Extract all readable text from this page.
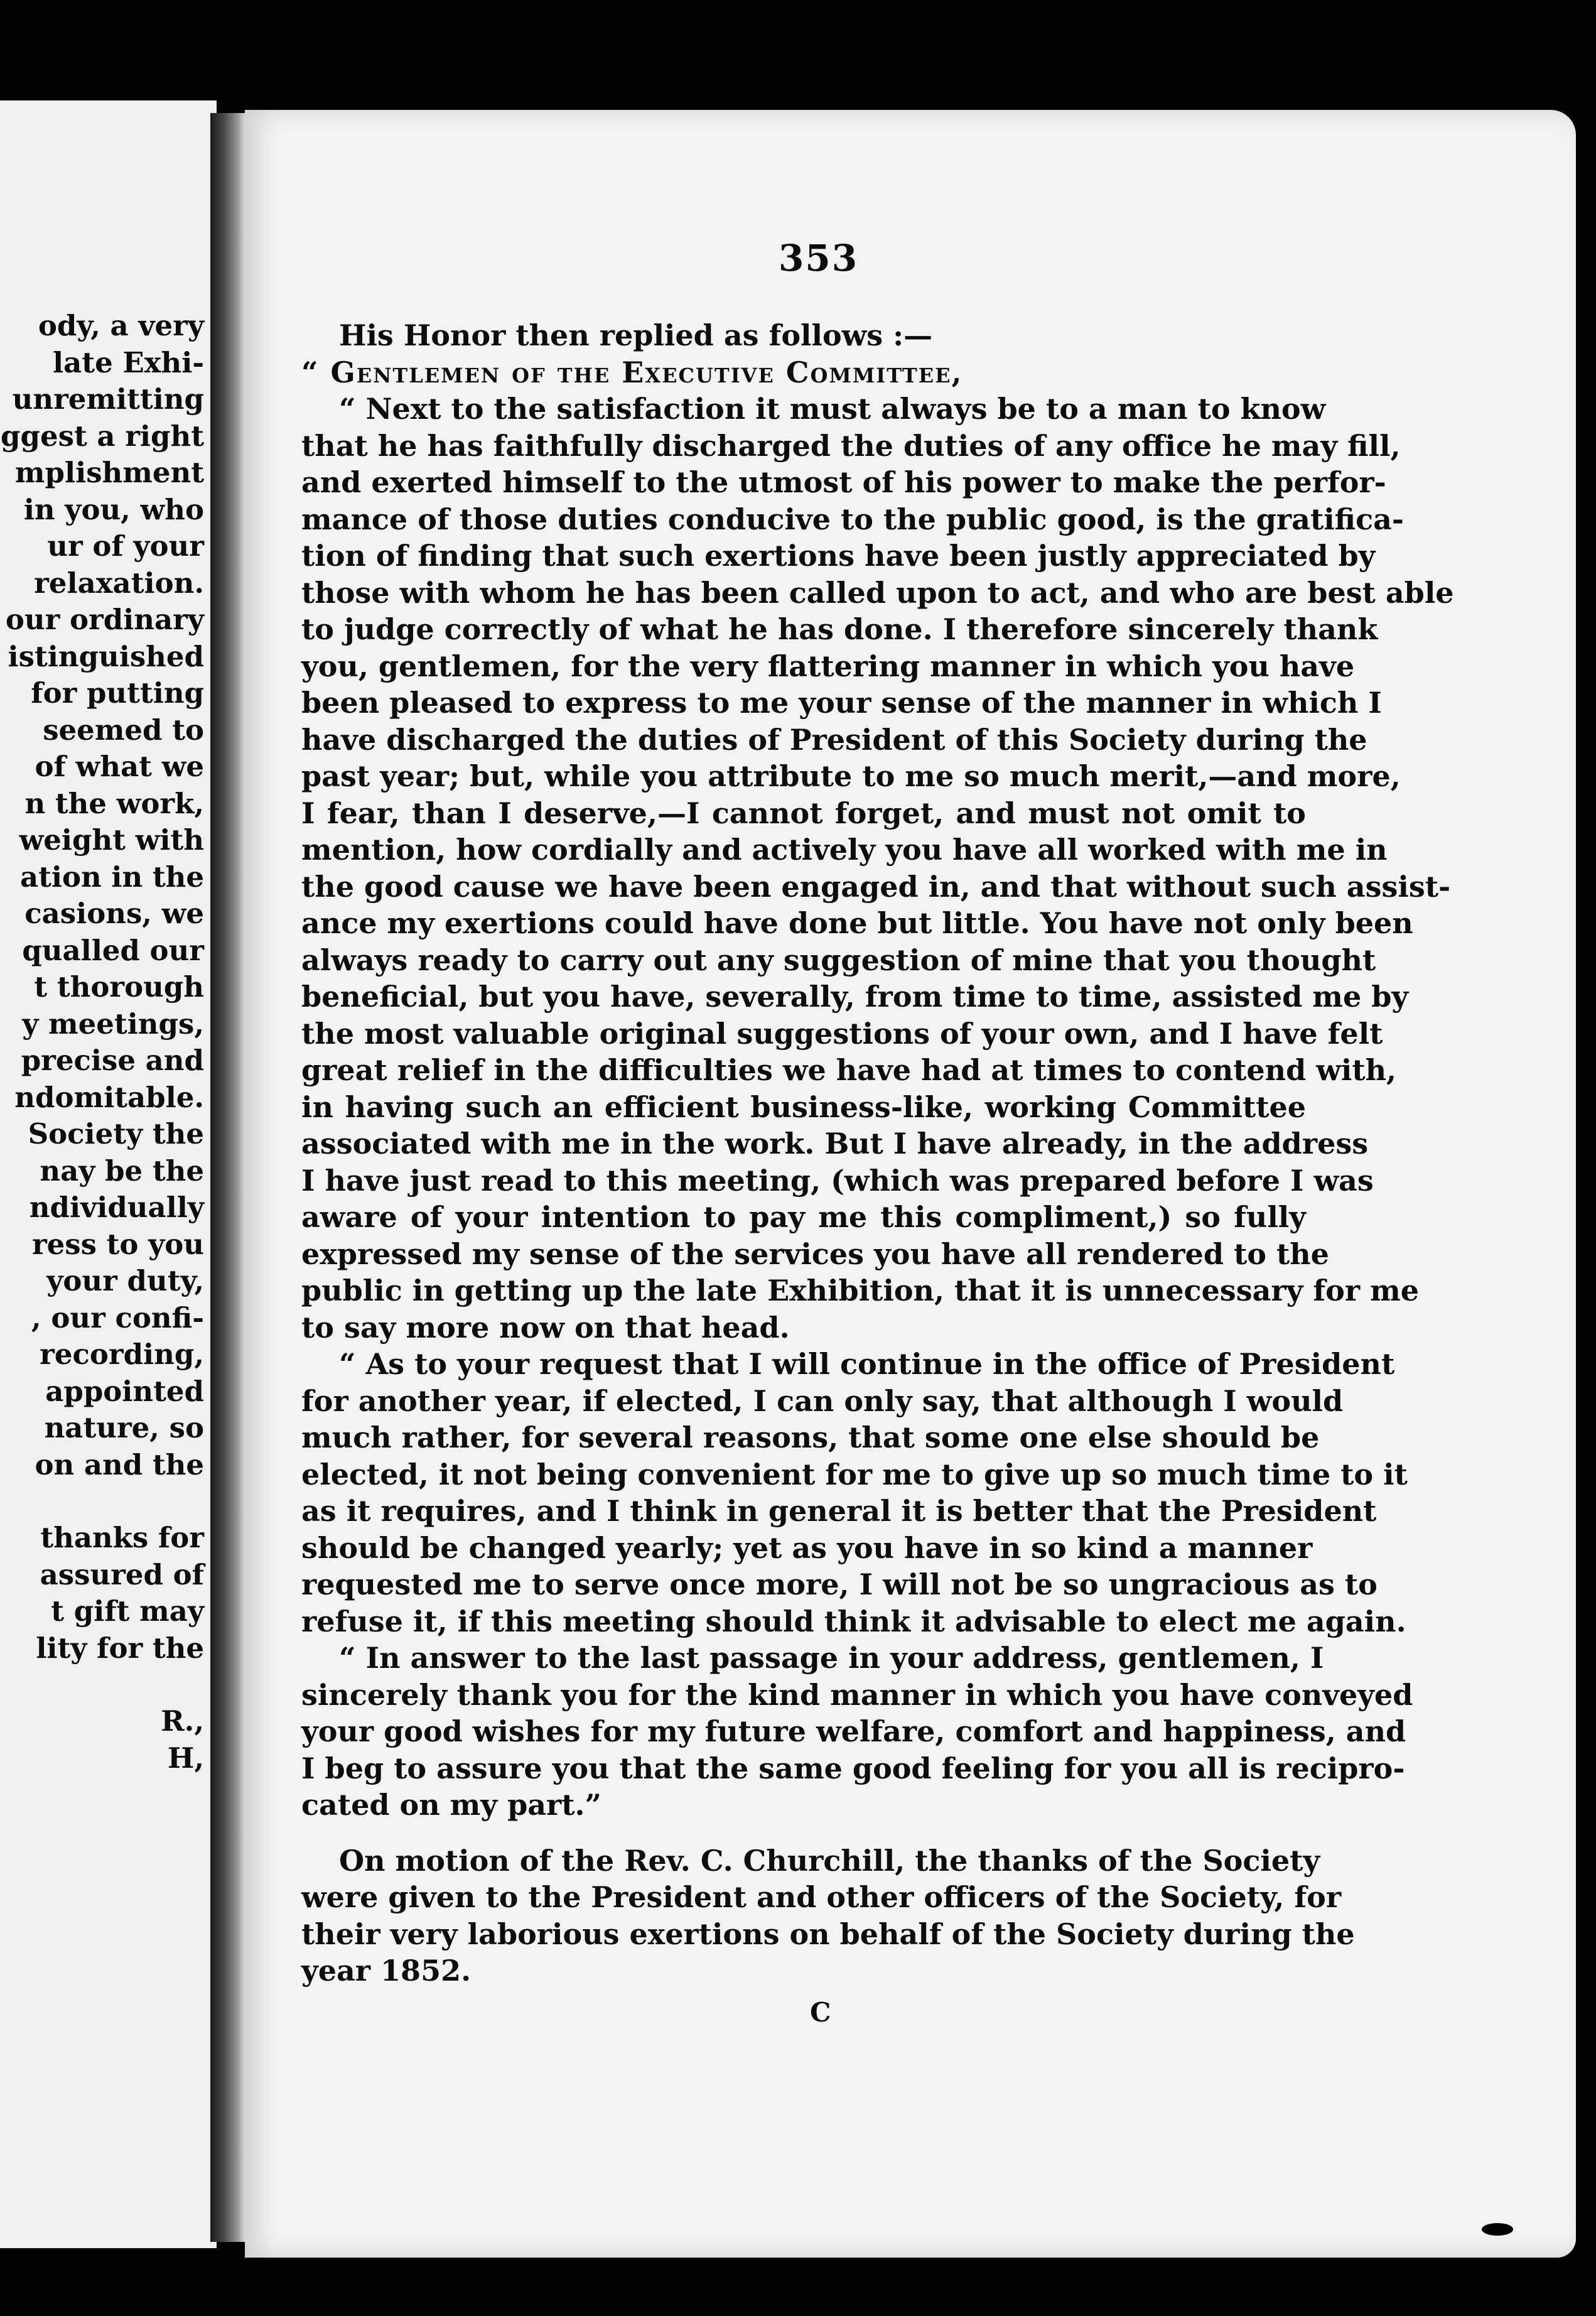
ody, a very
late Exhi-
unremitting
ggest a right
mplishment
in you, who
ur of your
relaxation.
our ordinary
istinguished
for putting
seemed to
of what we
n the work,
weight with
ation in the
casions, we
qualled our
t thorough
y meetings,
precise and
ndomitable.
Society the
nay be the
ndividually
ress to you
your duty,
, our confi-
recording,
appointed
nature, so
on and the
thanks for
assured of
t gift may
lity for the
R.,
H,
353
His Honor then replied as follows :—
“ Gentlemen of the Executive Committee,
“ Next to the satisfaction it must always be to a man to know
that he has faithfully discharged the duties of any office he may fill,
and exerted himself to the utmost of his power to make the perfor-
mance of those duties conducive to the public good, is the gratifica-
tion of finding that such exertions have been justly appreciated by
those with whom he has been called upon to act, and who are best able
to judge correctly of what he has done. I therefore sincerely thank
you, gentlemen, for the very flattering manner in which you have
been pleased to express to me your sense of the manner in which I
have discharged the duties of President of this Society during the
past year; but, while you attribute to me so much merit,—and more,
I fear, than I deserve,—I cannot forget, and must not omit to
mention, how cordially and actively you have all worked with me in
the good cause we have been engaged in, and that without such assist-
ance my exertions could have done but little. You have not only been
always ready to carry out any suggestion of mine that you thought
beneficial, but you have, severally, from time to time, assisted me by
the most valuable original suggestions of your own, and I have felt
great relief in the difficulties we have had at times to contend with,
in having such an efficient business-like, working Committee
associated with me in the work. But I have already, in the address
I have just read to this meeting, (which was prepared before I was
aware of your intention to pay me this compliment,) so fully
expressed my sense of the services you have all rendered to the
public in getting up the late Exhibition, that it is unnecessary for me
to say more now on that head.
“ As to your request that I will continue in the office of President
for another year, if elected, I can only say, that although I would
much rather, for several reasons, that some one else should be
elected, it not being convenient for me to give up so much time to it
as it requires, and I think in general it is better that the President
should be changed yearly; yet as you have in so kind a manner
requested me to serve once more, I will not be so ungracious as to
refuse it, if this meeting should think it advisable to elect me again.
“ In answer to the last passage in your address, gentlemen, I
sincerely thank you for the kind manner in which you have conveyed
your good wishes for my future welfare, comfort and happiness, and
I beg to assure you that the same good feeling for you all is recipro-
cated on my part.”
On motion of the Rev. C. Churchill, the thanks of the Society
were given to the President and other officers of the Society, for
their very laborious exertions on behalf of the Society during the
year 1852.
C
